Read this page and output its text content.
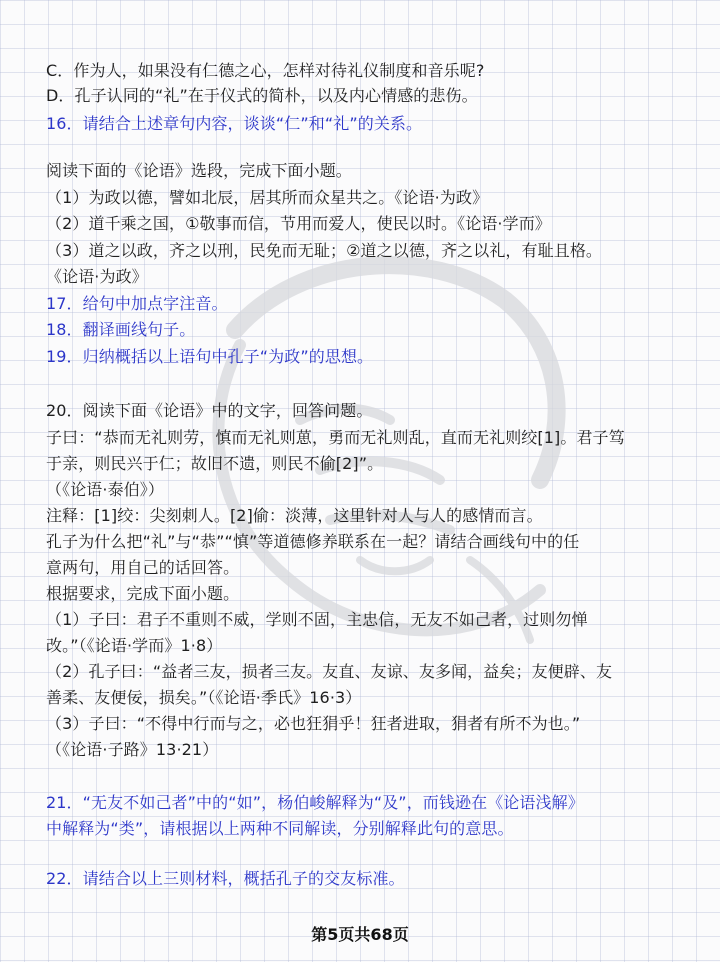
C．作为人，如果没有仁德之心，怎样对待礼仪制度和音乐呢?
D．孔子认同的“礼”在于仪式的简朴，以及内心情感的悲伤。
16．请结合上述章句内容，谈谈“仁”和“礼”的关系。
阅读下面的《论语》选段，完成下面小题。
（1）为政以德，譬如北辰，居其所而众星共之。《论语·为政》
（2）道千乘之国，①敬事而信，节用而爱人，使民以时。《论语·学而》
（3）道之以政，齐之以刑，民免而无耻；②道之以德，齐之以礼，有耻且格。
《论语·为政》
17．给句中加点字注音。
18．翻译画线句子。
19．归纳概括以上语句中孔子“为政”的思想。
20．阅读下面《论语》中的文字，回答问题。
子曰：“恭而无礼则劳，慎而无礼则葸，勇而无礼则乱，直而无礼则绞[1]。君子笃
于亲，则民兴于仁；故旧不遗，则民不偷[2]”。
（《论语·泰伯》）
注释：[1]绞：尖刻刺人。[2]偷：淡薄，这里针对人与人的感情而言。
孔子为什么把“礼”与“恭”“慎”等道德修养联系在一起？请结合画线句中的任
意两句，用自己的话回答。
根据要求，完成下面小题。
（1）子曰：君子不重则不威，学则不固，主忠信，无友不如己者，过则勿惮
改。”（《论语·学而》1·8）
（2）孔子曰：“益者三友，损者三友。友直、友谅、友多闻，益矣；友便辟、友
善柔、友便佞，损矣。”（《论语·季氏》16·3）
（3）子曰：“不得中行而与之，必也狂狷乎！狂者进取，狷者有所不为也。”
（《论语·子路》13·21）
21．“无友不如己者”中的“如”，杨伯峻解释为“及”，而钱逊在《论语浅解》
中解释为“类”，请根据以上两种不同解读，分别解释此句的意思。
22．请结合以上三则材料，概括孔子的交友标准。
第5页共68页
